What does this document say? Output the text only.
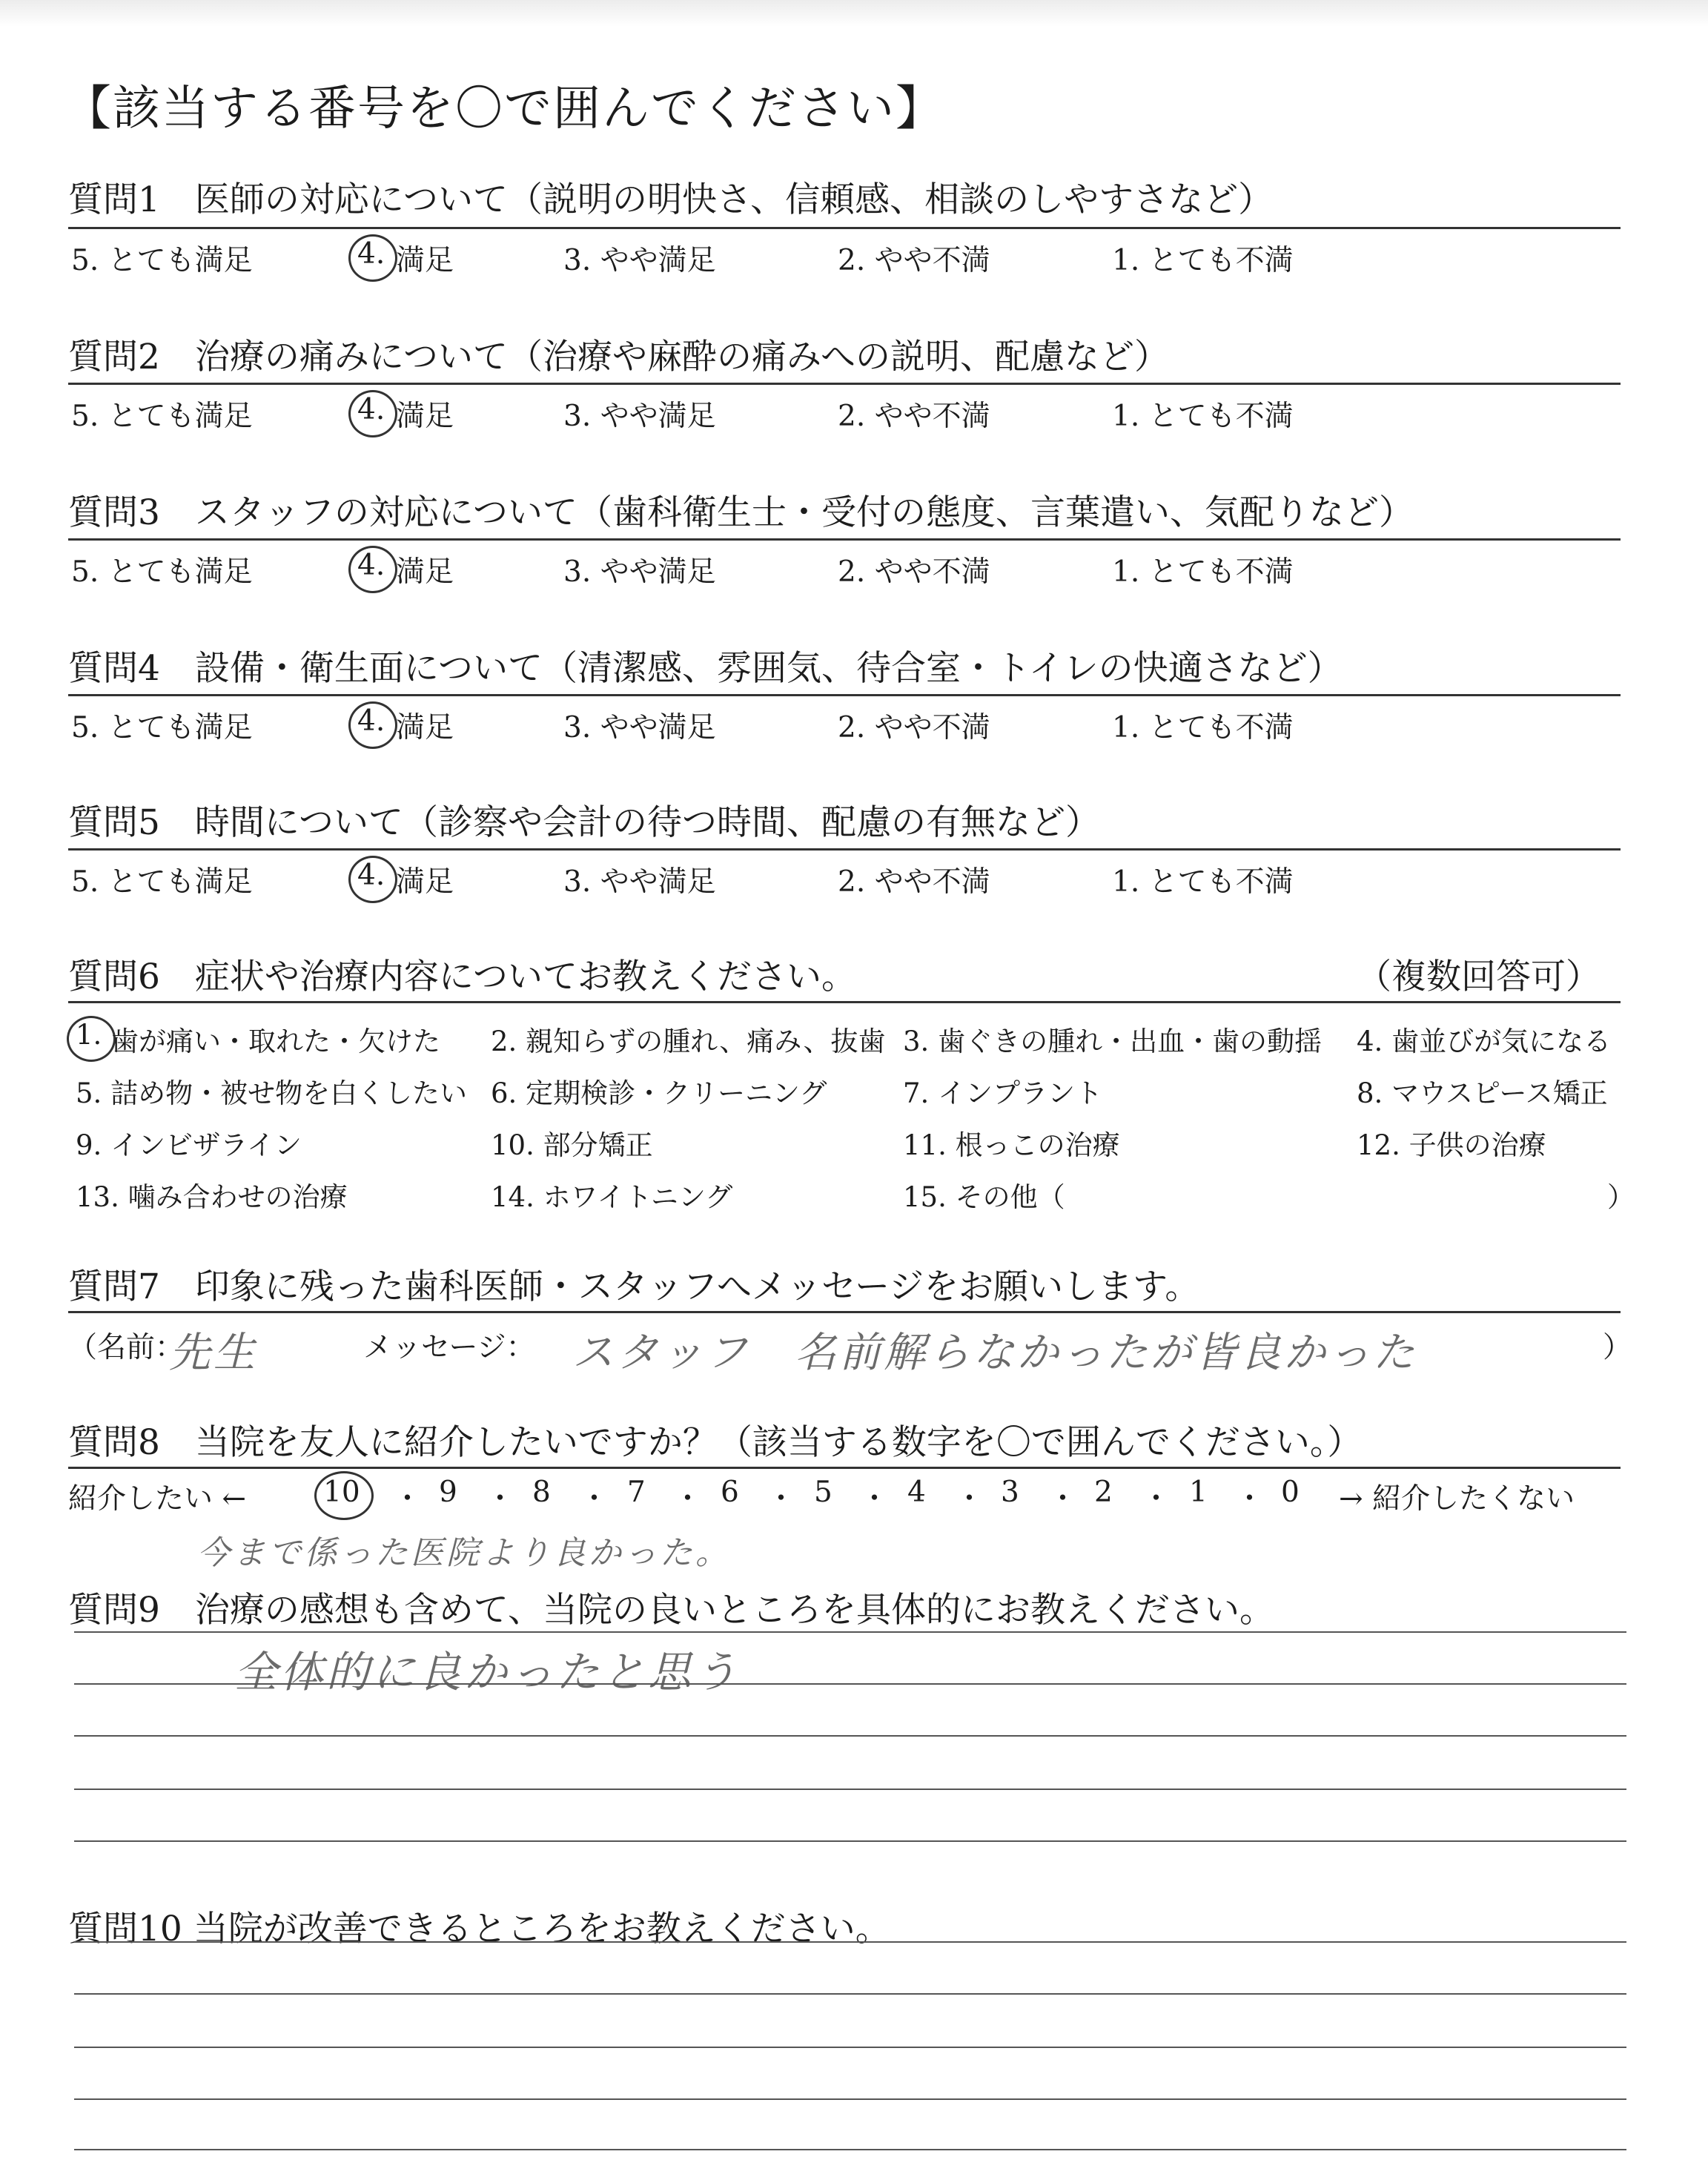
【該当する番号を〇で囲んでください】
質問1　医師の対応について（説明の明快さ、信頼感、相談のしやすさなど）
5. とても満足	4. 満足	3. やや満足	2. やや不満	1. とても不満
質問2　治療の痛みについて（治療や麻酔の痛みへの説明、配慮など）
5. とても満足	4. 満足	3. やや満足	2. やや不満	1. とても不満
質問3　スタッフの対応について（歯科衛生士・受付の態度、言葉遣い、気配りなど）
5. とても満足	4. 満足	3. やや満足	2. やや不満	1. とても不満
質問4　設備・衛生面について（清潔感、雰囲気、待合室・トイレの快適さなど）
5. とても満足	4. 満足	3. やや満足	2. やや不満	1. とても不満
質問5　時間について（診察や会計の待つ時間、配慮の有無など）
5. とても満足	4. 満足	3. やや満足	2. やや不満	1. とても不満
質問6　症状や治療内容についてお教えください。	（複数回答可）
1. 歯が痛い・取れた・欠けた 2. 親知らずの腫れ、痛み、抜歯 3. 歯ぐきの腫れ・出血・歯の動揺 4. 歯並びが気になる
5. 詰め物・被せ物を白くしたい 6. 定期検診・クリーニング	7. インプラント	8. マウスピース矯正
9. インビザライン	10. 部分矯正	11. 根っこの治療	12. 子供の治療
13. 噛み合わせの治療	14. ホワイトニング	15. その他（	）
質問7　印象に残った歯科医師・スタッフへメッセージをお願いします。
（名前：
先生	メッセージ： スタッフ　名前解らなかったが皆良かった	）
質問8　当院を友人に紹介したいですか？（該当する数字を〇で囲んでください。）
紹介したい ←	10 ・ 9 ・ 8 ・ 7 ・ 6 ・ 5 ・ 4 ・ 3 ・ 2 ・ 1 ・ 0 → 紹介したくない
今まで係った医院より良かった。
質問9　治療の感想も含めて、当院の良いところを具体的にお教えください。
全体的に良かったと思う
質問10 当院が改善できるところをお教えください。
